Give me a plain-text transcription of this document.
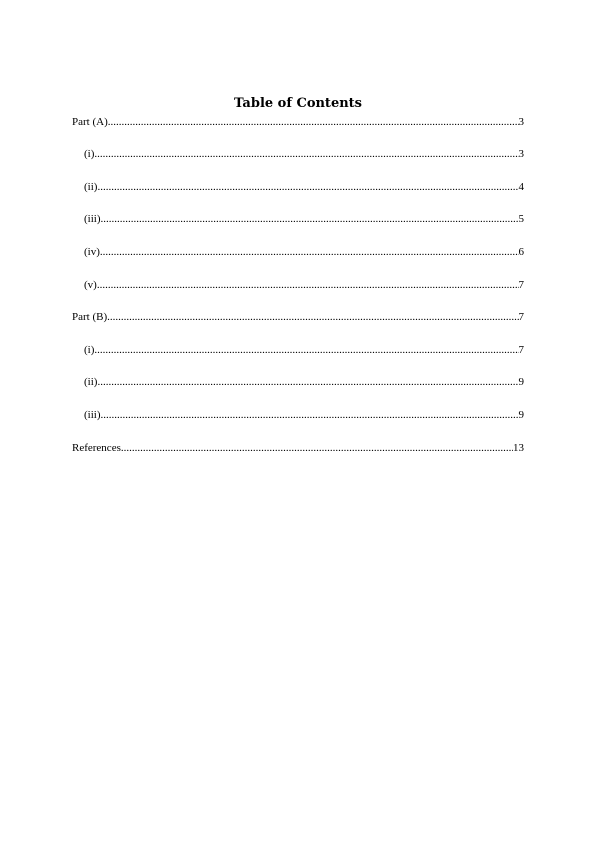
Table of Contents
Part (A) .....	3
(i) .....	3
(ii) .....	4
(iii) .....	5
(iv) .....	6
(v) .....	7
Part (B) .....	7
(i) .....	7
(ii) .....	9
(iii) .....	9
References .....	13
